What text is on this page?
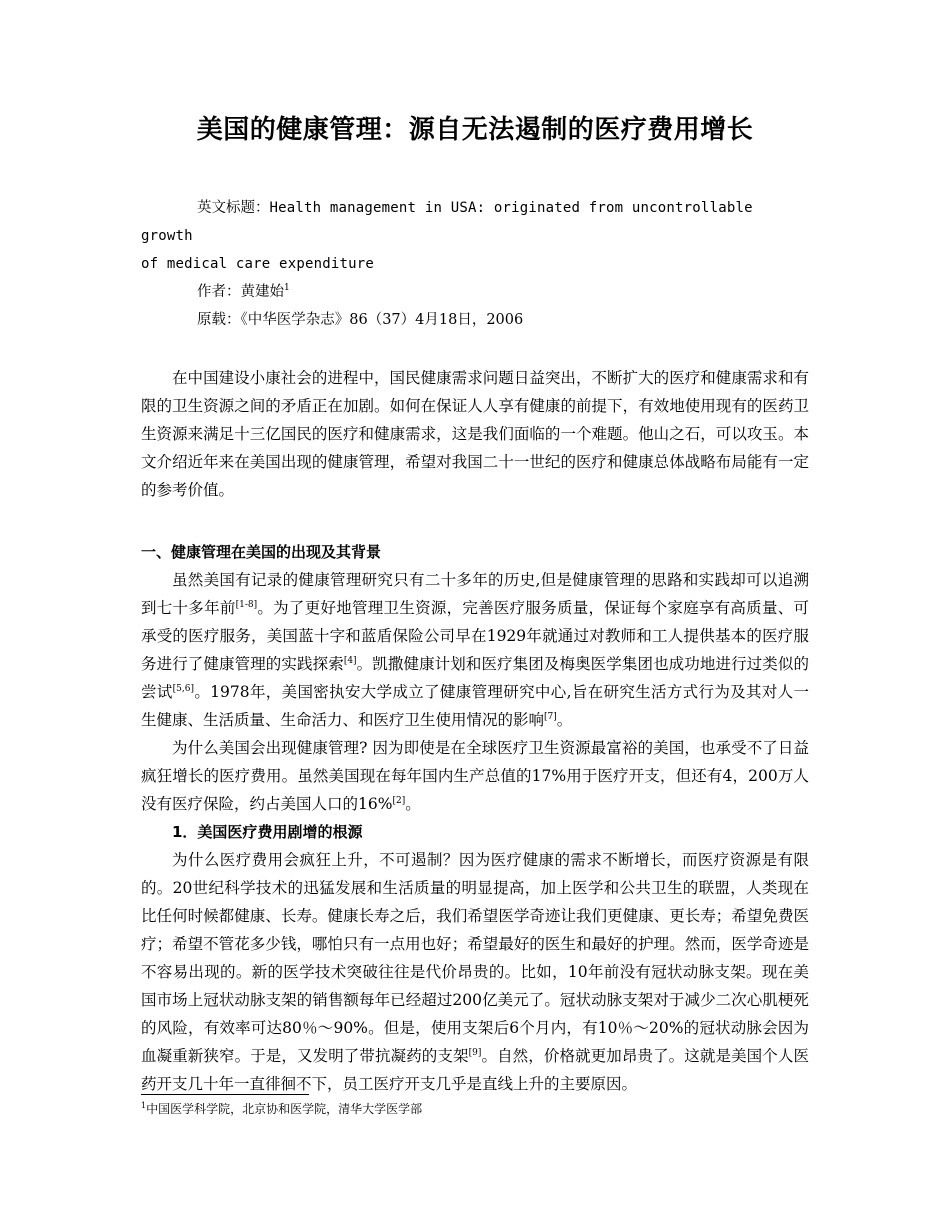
美国的健康管理：源自无法遏制的医疗费用增长

英文标题：Health management in USA: originated from uncontrollable growth

of medical care expenditure

作者：黄建始$^1$

原载：《中华医学杂志》86（37）4月18日，2006

在中国建设小康社会的进程中，国民健康需求问题日益突出，不断扩大的医疗和健康需求和有限的卫生资源之间的矛盾正在加剧。如何在保证人人享有健康的前提下，有效地使用现有的医药卫生资源来满足十三亿国民的医疗和健康需求，这是我们面临的一个难题。他山之石，可以攻玉。本文介绍近年来在美国出现的健康管理，希望对我国二十一世纪的医疗和健康总体战略布局能有一定的参考价值。

一、健康管理在美国的出现及其背景

虽然美国有记录的健康管理研究只有二十多年的历史,但是健康管理的思路和实践却可以追溯到七十多年前[1-8]。为了更好地管理卫生资源，完善医疗服务质量，保证每个家庭享有高质量、可承受的医疗服务，美国蓝十字和蓝盾保险公司早在1929年就通过对教师和工人提供基本的医疗服务进行了健康管理的实践探索[4]。凯撒健康计划和医疗集团及梅奥医学集团也成功地进行过类似的尝试[5,6]。1978年，美国密执安大学成立了健康管理研究中心,旨在研究生活方式行为及其对人一生健康、生活质量、生命活力、和医疗卫生使用情况的影响[7]。

为什么美国会出现健康管理? 因为即使是在全球医疗卫生资源最富裕的美国，也承受不了日益疯狂增长的医疗费用。虽然美国现在每年国内生产总值的17%用于医疗开支，但还有4，200万人没有医疗保险，约占美国人口的16%[2]。

1．美国医疗费用剧增的根源

为什么医疗费用会疯狂上升，不可遏制？因为医疗健康的需求不断增长，而医疗资源是有限的。20世纪科学技术的迅猛发展和生活质量的明显提高，加上医学和公共卫生的联盟，人类现在比任何时候都健康、长寿。健康长寿之后，我们希望医学奇迹让我们更健康、更长寿；希望免费医疗；希望不管花多少钱，哪怕只有一点用也好；希望最好的医生和最好的护理。然而，医学奇迹是不容易出现的。新的医学技术突破往往是代价昂贵的。比如，10年前没有冠状动脉支架。现在美国市场上冠状动脉支架的销售额每年已经超过200亿美元了。冠状动脉支架对于减少二次心肌梗死的风险，有效率可达80％～90%。但是，使用支架后6个月内，有10％～20%的冠状动脉会因为血凝重新狭窄。于是，又发明了带抗凝药的支架[9]。自然，价格就更加昂贵了。这就是美国个人医药开支几十年一直徘徊不下，员工医疗开支几乎是直线上升的主要原因。

$^1$中国医学科学院，北京协和医学院，清华大学医学部
